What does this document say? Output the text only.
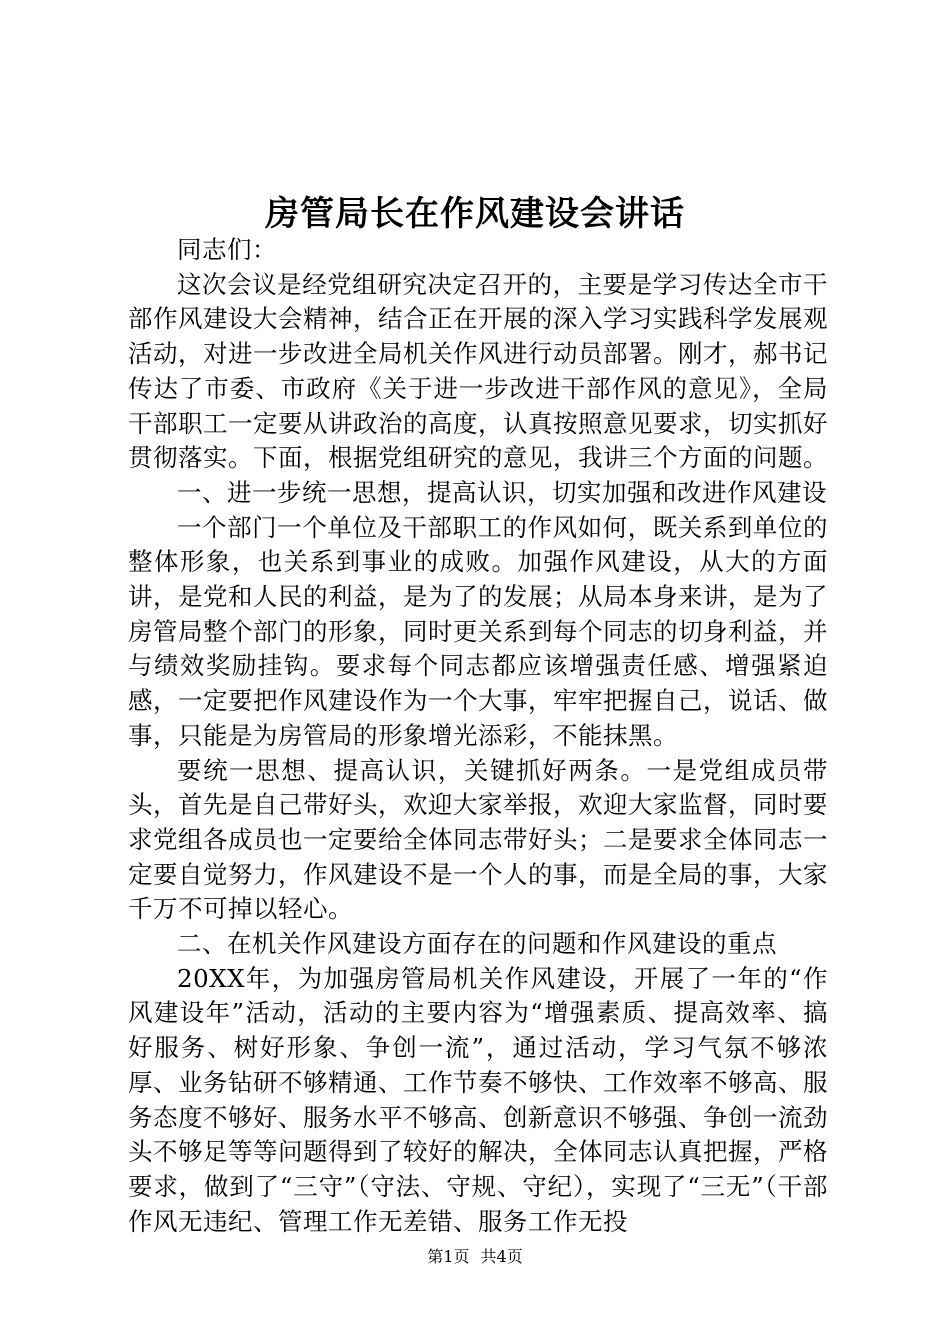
房管局长在作风建设会讲话

同志们：

这次会议是经党组研究决定召开的，主要是学习传达全市干部作风建设大会精神，结合正在开展的深入学习实践科学发展观活动，对进一步改进全局机关作风进行动员部署。刚才，郝书记传达了市委、市政府《关于进一步改进干部作风的意见》，全局干部职工一定要从讲政治的高度，认真按照意见要求，切实抓好贯彻落实。下面，根据党组研究的意见，我讲三个方面的问题。

一、进一步统一思想，提高认识，切实加强和改进作风建设

一个部门一个单位及干部职工的作风如何，既关系到单位的整体形象，也关系到事业的成败。加强作风建设，从大的方面讲，是党和人民的利益，是为了的发展；从局本身来讲，是为了房管局整个部门的形象，同时更关系到每个同志的切身利益，并与绩效奖励挂钩。要求每个同志都应该增强责任感、增强紧迫感，一定要把作风建设作为一个大事，牢牢把握自己，说话、做事，只能是为房管局的形象增光添彩，不能抹黑。

要统一思想、提高认识，关键抓好两条。一是党组成员带头，首先是自己带好头，欢迎大家举报，欢迎大家监督，同时要求党组各成员也一定要给全体同志带好头；二是要求全体同志一定要自觉努力，作风建设不是一个人的事，而是全局的事，大家千万不可掉以轻心。

二、在机关作风建设方面存在的问题和作风建设的重点

20XX年，为加强房管局机关作风建设，开展了一年的“作风建设年”活动，活动的主要内容为“增强素质、提高效率、搞好服务、树好形象、争创一流”，通过活动，学习气氛不够浓厚、业务钻研不够精通、工作节奏不够快、工作效率不够高、服务态度不够好、服务水平不够高、创新意识不够强、争创一流劲头不够足等等问题得到了较好的解决，全体同志认真把握，严格要求，做到了“三守”（守法、守规、守纪），实现了“三无”（干部作风无违纪、管理工作无差错、服务工作无投

第1页 共4页
